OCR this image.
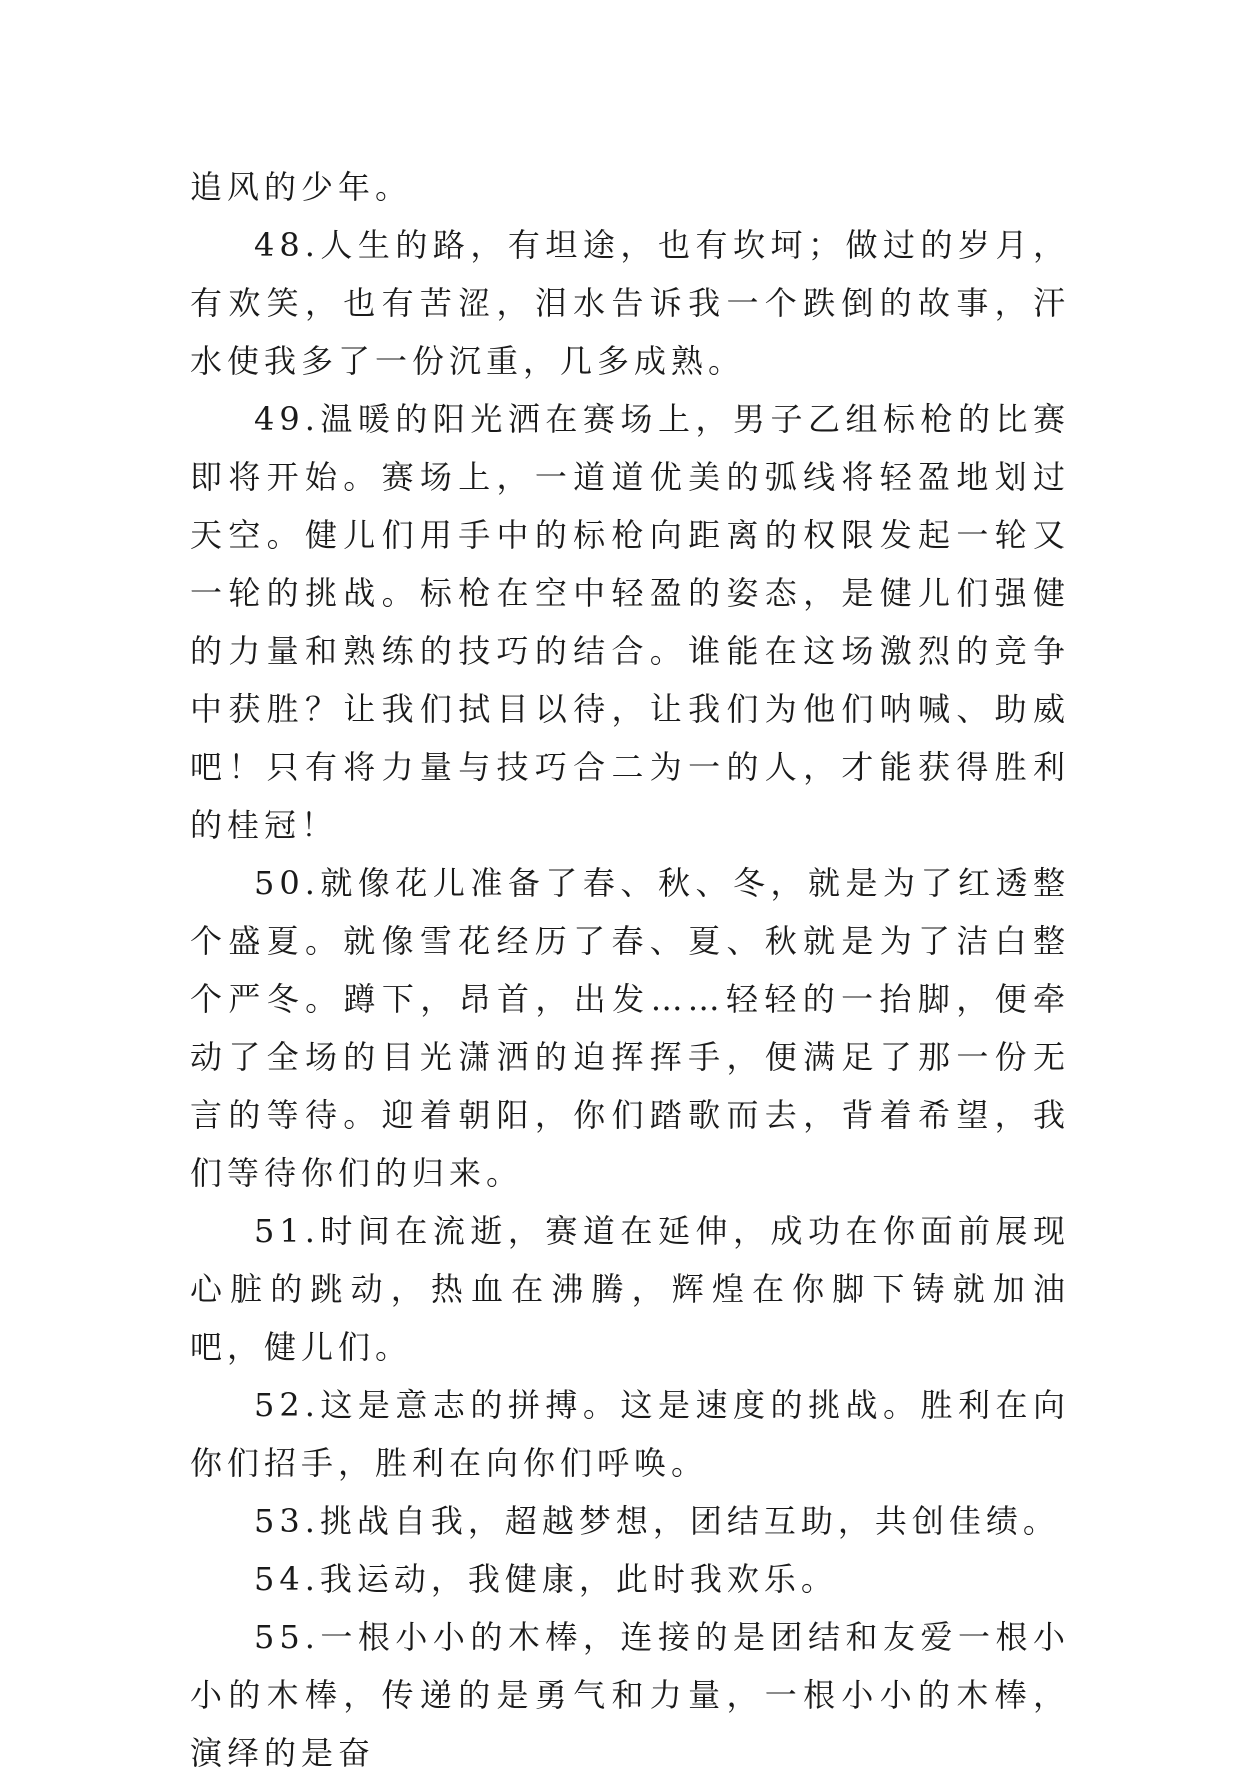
追风的少年。

48.人生的路，有坦途，也有坎坷；做过的岁月，有欢笑，也有苦涩，泪水告诉我一个跌倒的故事，汗水使我多了一份沉重，几多成熟。

49.温暖的阳光洒在赛场上，男子乙组标枪的比赛即将开始。赛场上，一道道优美的弧线将轻盈地划过天空。健儿们用手中的标枪向距离的权限发起一轮又一轮的挑战。标枪在空中轻盈的姿态，是健儿们强健的力量和熟练的技巧的结合。谁能在这场激烈的竞争中获胜？让我们拭目以待，让我们为他们呐喊、助威吧！只有将力量与技巧合二为一的人，才能获得胜利的桂冠！

50.就像花儿准备了春、秋、冬，就是为了红透整个盛夏。就像雪花经历了春、夏、秋就是为了洁白整个严冬。蹲下，昂首，出发……轻轻的一抬脚，便牵动了全场的目光潇洒的迫挥挥手，便满足了那一份无言的等待。迎着朝阳，你们踏歌而去，背着希望，我们等待你们的归来。

51.时间在流逝，赛道在延伸，成功在你面前展现心脏的跳动，热血在沸腾，辉煌在你脚下铸就加油吧，健儿们。

52.这是意志的拼搏。这是速度的挑战。胜利在向你们招手，胜利在向你们呼唤。

53.挑战自我，超越梦想，团结互助，共创佳绩。

54.我运动，我健康，此时我欢乐。

55.一根小小的木棒，连接的是团结和友爱一根小小的木棒，传递的是勇气和力量，一根小小的木棒，演绎的是奋
